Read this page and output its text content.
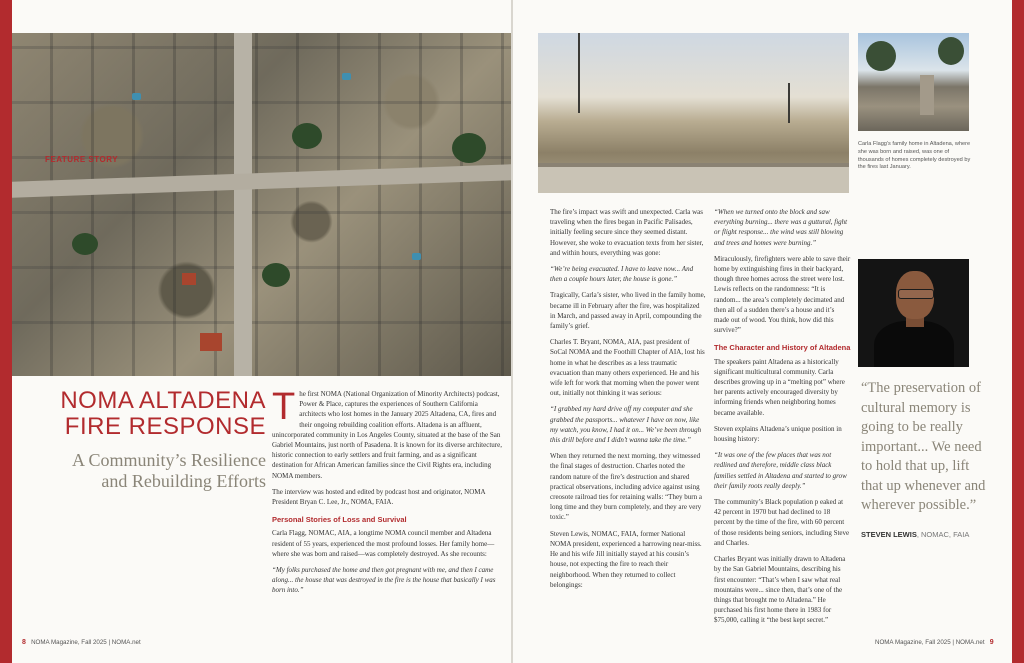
FEATURE STORY
NOMA ALTADENA
FIRE RESPONSE
A Community’s Resilience
and Rebuilding Efforts

The first NOMA (National Organization of Minority Architects) podcast, Power & Place, captures the experiences of Southern California architects who lost homes in the January 2025 Altadena, CA, fires and their ongoing rebuilding coalition efforts. Altadena is an affluent, unincorporated community in Los Angeles County, situated at the base of the San Gabriel Mountains, just north of Pasadena. It is known for its diverse architecture, historic connection to early settlers and fruit farming, and as a significant destination for African American families since the Civil Rights era, including NOMA members.

The interview was hosted and edited by podcast host and originator, NOMA President Bryan C. Lee, Jr., NOMA, FAIA.

Personal Stories of Loss and Survival

Carla Flagg, NOMAC, AIA, a longtime NOMA council member and Altadena resident of 55 years, experienced the most profound losses. Her family home—where she was born and raised—was completely destroyed. As she recounts:

“My folks purchased the home and then got pregnant with me, and then I came along... the house that was destroyed in the fire is the house that basically I was born into.”

8 NOMA Magazine, Fall 2025 | NOMA.net
Carla Flagg’s family home in Altadena, where she was born and raised, was one of thousands of homes completely destroyed by the fires last January.

The fire’s impact was swift and unexpected. Carla was traveling when the fires began in Pacific Palisades, initially feeling secure since they seemed distant. However, she woke to evacuation texts from her sister, and within hours, everything was gone:

“We’re being evacuated. I have to leave now... And then a couple hours later, the house is gone.”

Tragically, Carla’s sister, who lived in the family home, became ill in February after the fire, was hospitalized in March, and passed away in April, compounding the family’s grief.

Charles T. Bryant, NOMA, AIA, past president of SoCal NOMA and the Foothill Chapter of AIA, lost his home in what he describes as a less traumatic evacuation than many others experienced. He and his wife left for work that morning when the power went out, initially not thinking it was serious:

“I grabbed my hard drive off my computer and she grabbed the passports... whatever I have on now, like my watch, you know, I had it on... We’ve been through this drill before and I didn’t wanna take the time.”

When they returned the next morning, they witnessed the final stages of destruction. Charles noted the random nature of the fire’s destruction and shared practical observations, including advice against using creosote railroad ties for retaining walls: “They burn a long time and they burn completely, and they are very toxic.”

Steven Lewis, NOMAC, FAIA, former National NOMA president, experienced a harrowing near-miss. He and his wife Jill initially stayed at his cousin’s house, not expecting the fire to reach their neighborhood. When they returned to collect belongings:

“When we turned onto the block and saw everything burning... there was a guttural, fight or flight response... the wind was still blowing and trees and homes were burning.”

Miraculously, firefighters were able to save their home by extinguishing fires in their backyard, though three homes across the street were lost. Lewis reflects on the randomness: “It is random... the area’s completely decimated and then all of a sudden there’s a house and it’s made out of wood. You think, how did this survive?”

The Character and History of Altadena

The speakers paint Altadena as a historically significant multicultural community. Carla describes growing up in a “melting pot” where her parents actively encouraged diversity by informing friends when neighboring homes became available.

Steven explains Altadena’s unique position in housing history:

“It was one of the few places that was not redlined and therefore, middle class black families settled in Altadena and started to grow their family roots really deeply.”

The community’s Black population p eaked at 42 percent in 1970 but had declined to 18 percent by the time of the fire, with 60 percent of those residents being seniors, including Steve and Charles.

Charles Bryant was initially drawn to Altadena by the San Gabriel Mountains, describing his first encounter: “That’s when I saw what real mountains were... since then, that’s one of the things that brought me to Altadena.” He purchased his first home there in 1983 for $75,000, calling it “the best kept secret.”

“The preservation of cultural memory is going to be really important... We need to hold that up, lift that up whenever and wherever possible.”
STEVEN LEWIS, NOMAC, FAIA
NOMA Magazine, Fall 2025 | NOMA.net 9
